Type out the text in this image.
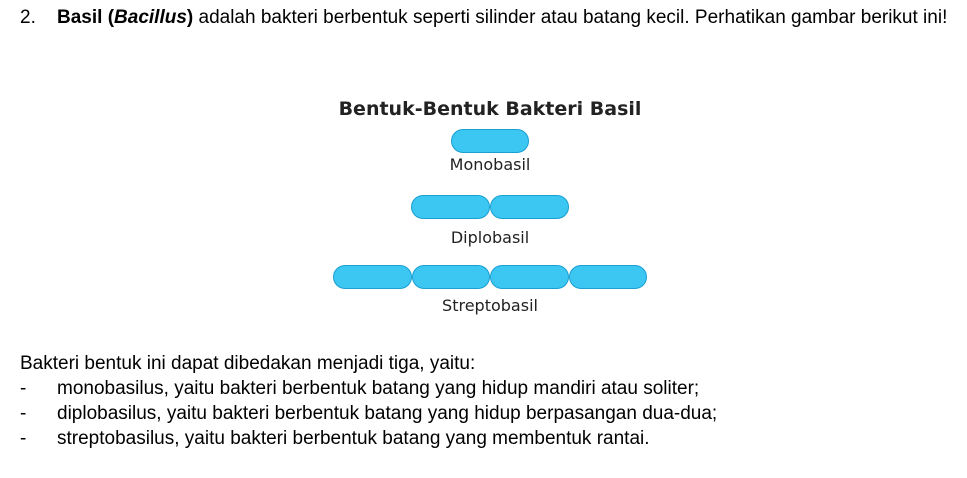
2. Basil (Bacillus) adalah bakteri berbentuk seperti silinder atau batang kecil. Perhatikan gambar berikut ini!
Bentuk-Bentuk Bakteri Basil
Monobasil
Diplobasil
Streptobasil
Bakteri bentuk ini dapat dibedakan menjadi tiga, yaitu:
- monobasilus, yaitu bakteri berbentuk batang yang hidup mandiri atau soliter;
- diplobasilus, yaitu bakteri berbentuk batang yang hidup berpasangan dua-dua;
- streptobasilus, yaitu bakteri berbentuk batang yang membentuk rantai.
